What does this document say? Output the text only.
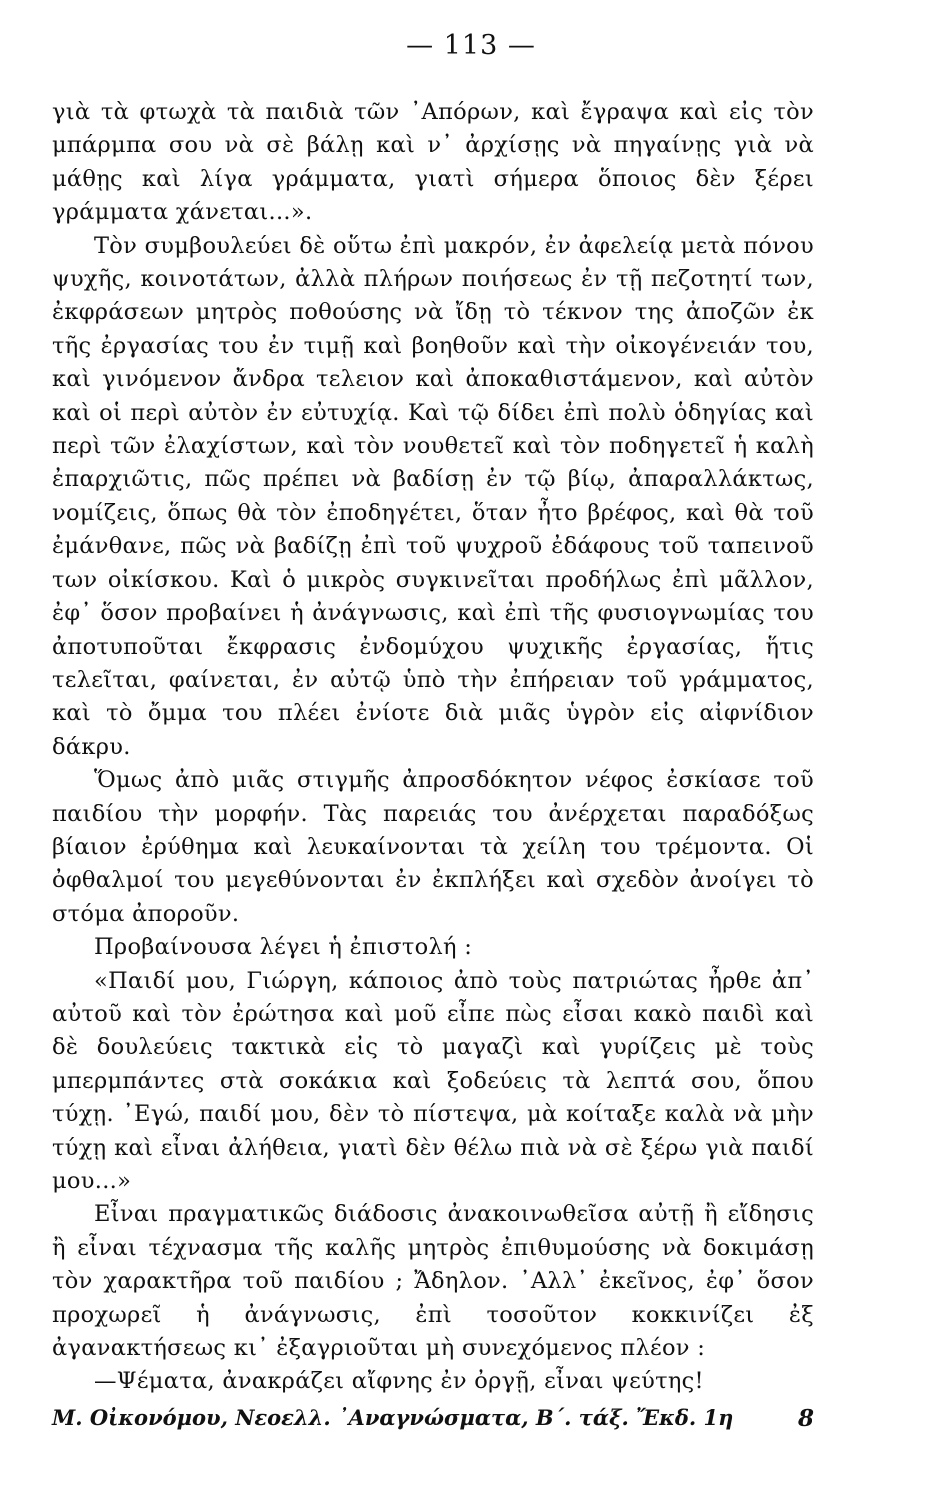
— 113 —

γιὰ τὰ φτωχὰ τὰ παιδιὰ τῶν ᾿Απόρων, καὶ ἔγραψα καὶ εἰς τὸν μπάρμπα σου νὰ σὲ βάλῃ καὶ ν᾿ ἀρχίσῃς νὰ πηγαίνῃς γιὰ νὰ μάθῃς καὶ λίγα γράμματα, γιατὶ σήμερα ὅποιος δὲν ξέρει γράμματα χάνεται...».

Τὸν συμβουλεύει δὲ οὕτω ἐπὶ μακρόν, ἐν ἀφελείᾳ μετὰ πόνου ψυχῆς, κοινοτάτων, ἀλλὰ πλήρων ποιήσεως ἐν τῇ πεζοτητί των, ἐκφράσεων μητρὸς ποθούσης νὰ ἴδῃ τὸ τέκνον της ἀποζῶν ἐκ τῆς ἐργασίας του ἐν τιμῇ καὶ βοηθοῦν καὶ τὴν οἰκογένειάν του, καὶ γινόμενον ἄνδρα τελειον καὶ ἀποκαθιστάμενον, καὶ αὐτὸν καὶ οἱ περὶ αὐτὸν ἐν εὐτυχίᾳ. Καὶ τῷ δίδει ἐπὶ πολὺ ὁδηγίας καὶ περὶ τῶν ἐλαχίστων, καὶ τὸν νουθετεῖ καὶ τὸν ποδηγετεῖ ἡ καλὴ ἐπαρχιῶτις, πῶς πρέπει νὰ βαδίσῃ ἐν τῷ βίῳ, ἀπαραλλάκτως, νομίζεις, ὅπως θὰ τὸν ἐποδηγέτει, ὅταν ἦτο βρέφος, καὶ θὰ τοῦ ἐμάνθανε, πῶς νὰ βαδίζῃ ἐπὶ τοῦ ψυχροῦ ἐδάφους τοῦ ταπεινοῦ των οἰκίσκου. Καὶ ὁ μικρὸς συγκινεῖται προδήλως ἐπὶ μᾶλλον, ἐφ᾿ ὅσον προβαίνει ἡ ἀνάγνωσις, καὶ ἐπὶ τῆς φυσιογνωμίας του ἀποτυποῦται ἔκφρασις ἐνδομύχου ψυχικῆς ἐργασίας, ἥτις τελεῖται, φαίνεται, ἐν αὐτῷ ὑπὸ τὴν ἐπήρειαν τοῦ γράμματος, καὶ τὸ ὄμμα του πλέει ἐνίοτε διὰ μιᾶς ὑγρὸν εἰς αἰφνίδιον δάκρυ.

Ὅμως ἀπὸ μιᾶς στιγμῆς ἀπροσδόκητον νέφος ἐσκίασε τοῦ παιδίου τὴν μορφήν. Τὰς παρειάς του ἀνέρχεται παραδόξως βίαιον ἐρύθημα καὶ λευκαίνονται τὰ χείλη του τρέμοντα. Οἱ ὀφθαλμοί του μεγεθύνονται ἐν ἐκπλήξει καὶ σχεδὸν ἀνοίγει τὸ στόμα ἀποροῦν.

Προβαίνουσα λέγει ἡ ἐπιστολή :

«Παιδί μου, Γιώργη, κάποιος ἀπὸ τοὺς πατριώτας ἦρθε ἀπ᾿ αὐτοῦ καὶ τὸν ἐρώτησα καὶ μοῦ εἶπε πὼς εἶσαι κακὸ παιδὶ καὶ δὲ δουλεύεις τακτικὰ εἰς τὸ μαγαζὶ καὶ γυρίζεις μὲ τοὺς μπερμπάντες στὰ σοκάκια καὶ ξοδεύεις τὰ λεπτά σου, ὅπου τύχῃ. ᾿Εγώ, παιδί μου, δὲν τὸ πίστεψα, μὰ κοίταξε καλὰ νὰ μὴν τύχῃ καὶ εἶναι ἀλήθεια, γιατὶ δὲν θέλω πιὰ νὰ σὲ ξέρω γιὰ παιδί μου...»

Εἶναι πραγματικῶς διάδοσις ἀνακοινωθεῖσα αὐτῇ ἢ εἴδησις ἢ εἶναι τέχνασμα τῆς καλῆς μητρὸς ἐπιθυμούσης νὰ δοκιμάσῃ τὸν χαρακτῆρα τοῦ παιδίου ; Ἄδηλον. ᾿Αλλ᾿ ἐκεῖνος, ἐφ᾿ ὅσον προχωρεῖ ἡ ἀνάγνωσις, ἐπὶ τοσοῦτον κοκκινίζει ἐξ ἀγανακτήσεως κι᾿ ἐξαγριοῦται μὴ συνεχόμενος πλέον :

—Ψέματα, ἀνακράζει αἴφνης ἐν ὀργῇ, εἶναι ψεύτης!

Μ. Οἰκονόμου, Νεοελλ. ᾿Αναγνώσματα, Β΄. τάξ. Ἔκδ. 1η	8
